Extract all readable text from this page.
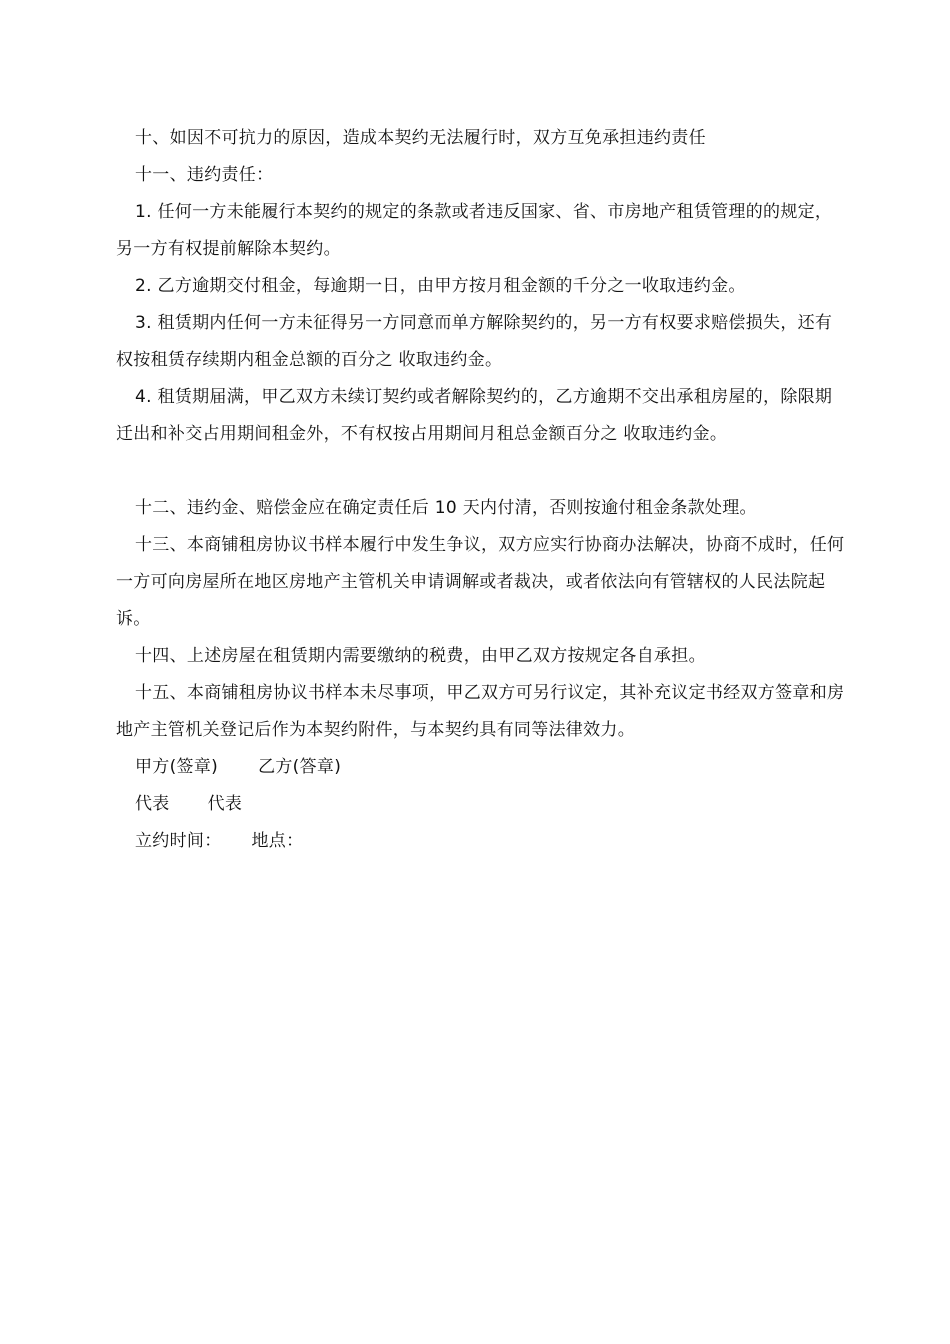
十、如因不可抗力的原因，造成本契约无法履行时，双方互免承担违约责任

十一、违约责任：

1. 任何一方未能履行本契约的规定的条款或者违反国家、省、市房地产租赁管理的的规定，另一方有权提前解除本契约。

2. 乙方逾期交付租金，每逾期一日，由甲方按月租金额的千分之一收取违约金。

3. 租赁期内任何一方未征得另一方同意而单方解除契约的，另一方有权要求赔偿损失，还有权按租赁存续期内租金总额的百分之 收取违约金。

4. 租赁期届满，甲乙双方未续订契约或者解除契约的，乙方逾期不交出承租房屋的，除限期迁出和补交占用期间租金外，不有权按占用期间月租总金额百分之 收取违约金。

十二、违约金、赔偿金应在确定责任后 10 天内付清，否则按逾付租金条款处理。

十三、本商铺租房协议书样本履行中发生争议，双方应实行协商办法解决，协商不成时，任何一方可向房屋所在地区房地产主管机关申请调解或者裁决，或者依法向有管辖权的人民法院起诉。

十四、上述房屋在租赁期内需要缴纳的税费，由甲乙双方按规定各自承担。

十五、本商铺租房协议书样本未尽事项，甲乙双方可另行议定，其补充议定书经双方签章和房地产主管机关登记后作为本契约附件，与本契约具有同等法律效力。

甲方(签章) 乙方(答章)

代表 代表

立约时间： 地点：
